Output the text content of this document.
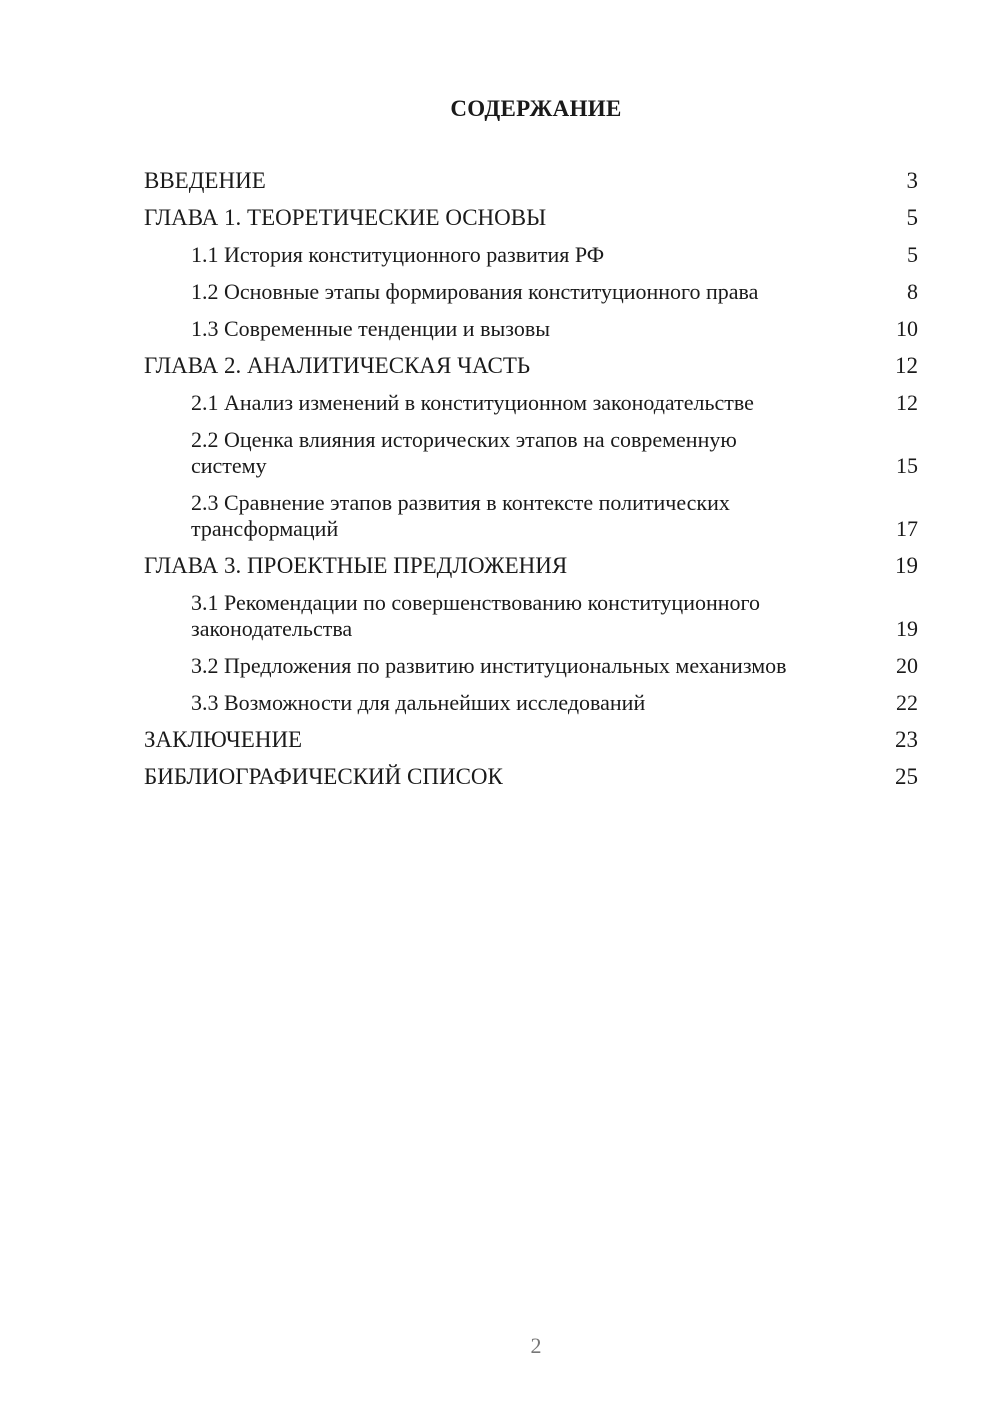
СОДЕРЖАНИЕ
ВВЕДЕНИЕ	3
ГЛАВА 1. ТЕОРЕТИЧЕСКИЕ ОСНОВЫ	5
1.1 История конституционного развития РФ	5
1.2 Основные этапы формирования конституционного права	8
1.3 Современные тенденции и вызовы	10
ГЛАВА 2. АНАЛИТИЧЕСКАЯ ЧАСТЬ	12
2.1 Анализ изменений в конституционном законодательстве	12
2.2 Оценка влияния исторических этапов на современную систему	15
2.3 Сравнение этапов развития в контексте политических трансформаций	17
ГЛАВА 3. ПРОЕКТНЫЕ ПРЕДЛОЖЕНИЯ	19
3.1 Рекомендации по совершенствованию конституционного законодательства	19
3.2 Предложения по развитию институциональных механизмов	20
3.3 Возможности для дальнейших исследований	22
ЗАКЛЮЧЕНИЕ	23
БИБЛИОГРАФИЧЕСКИЙ СПИСОК	25
2
